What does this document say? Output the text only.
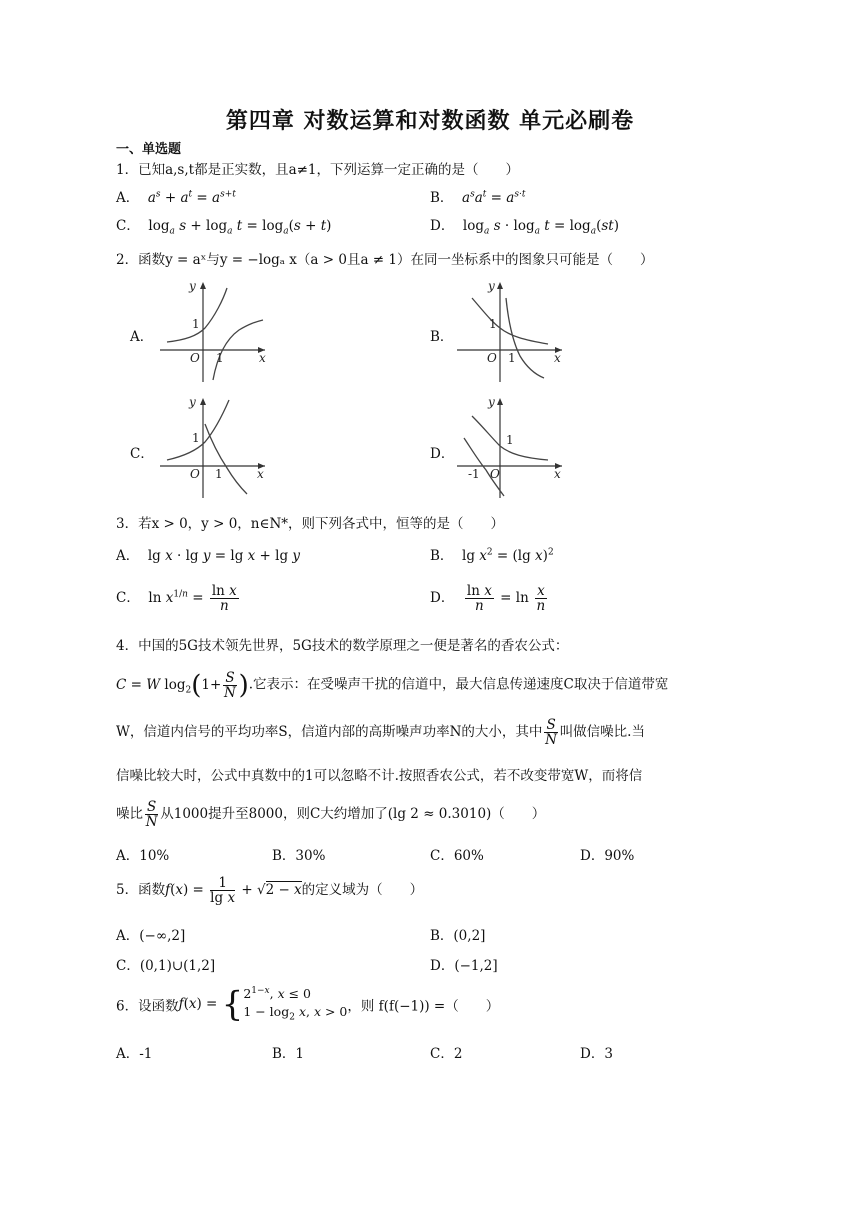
第四章 对数运算和对数函数 单元必刷卷
一、单选题
1．已知a,s,t都是正实数，且a≠1，下列运算一定正确的是（　　）
A． $a^s + a^t = a^{s+t}$	B． $a^sa^t = a^{s\cdot t}$
C．  $\log_a s + \log_a t = \log_a(s + t)$	D．  $\log_a s \cdot \log_a t = \log_a(st)$
2．函数y = aˣ与y = −logₐ x（a > 0且a ≠ 1）在同一坐标系中的图象只可能是（　　）
A．
y
x
O
1
1
B．
y
x
O
1
1
C．
y
x
O
1
1
D．
y
x
O
-1
1
3．若x > 0，y > 0，n∈N*，则下列各式中，恒等的是（　　）
A．  lg x · lg y = lg x + lg y	B．  $\lg x^2 = (\lg$ x)$^2$
C．  $\ln x^{1/n} = \frac{\text{ln x}}{n}$	D． $\frac{\text{ln x}}{n} = \ln \frac{x}{n}$
4．中国的5G技术领先世界，5G技术的数学原理之一便是著名的香农公式：
C = W $\log_2(1+ \frac{S}{N}$ ).它表示：在受噪声干扰的信道中，最大信息传递速度C取决于信道带宽
W，信道内信号的平均功率S，信道内部的高斯噪声功率N的大小，其中 $\frac{S}{N}$ 叫做信噪比.当
信噪比较大时，公式中真数中的1可以忽略不计.按照香农公式，若不改变带宽W，而将信
噪比 $\frac{S}{N}$ 从1000提升至8000，则C大约增加了(lg 2 ≈ 0.3010)（　　）
A．10%	B．30%	C．60%	D．90%
5．函数$f(x) = \frac{1}{\text{lg x}} + √2 - x$的定义域为（　　）
A．(−∞,2]	B．(0,2]
C．(0,1)∪(1,2]	D．(−1,2]
6．设函数f(x) = { $2^{1-x}$, x ≤ 0
$1 - \log_2 x$, x > 0 ，则 f(f(−1)) =（　　）
A．-1	B．1	C．2	D．3
